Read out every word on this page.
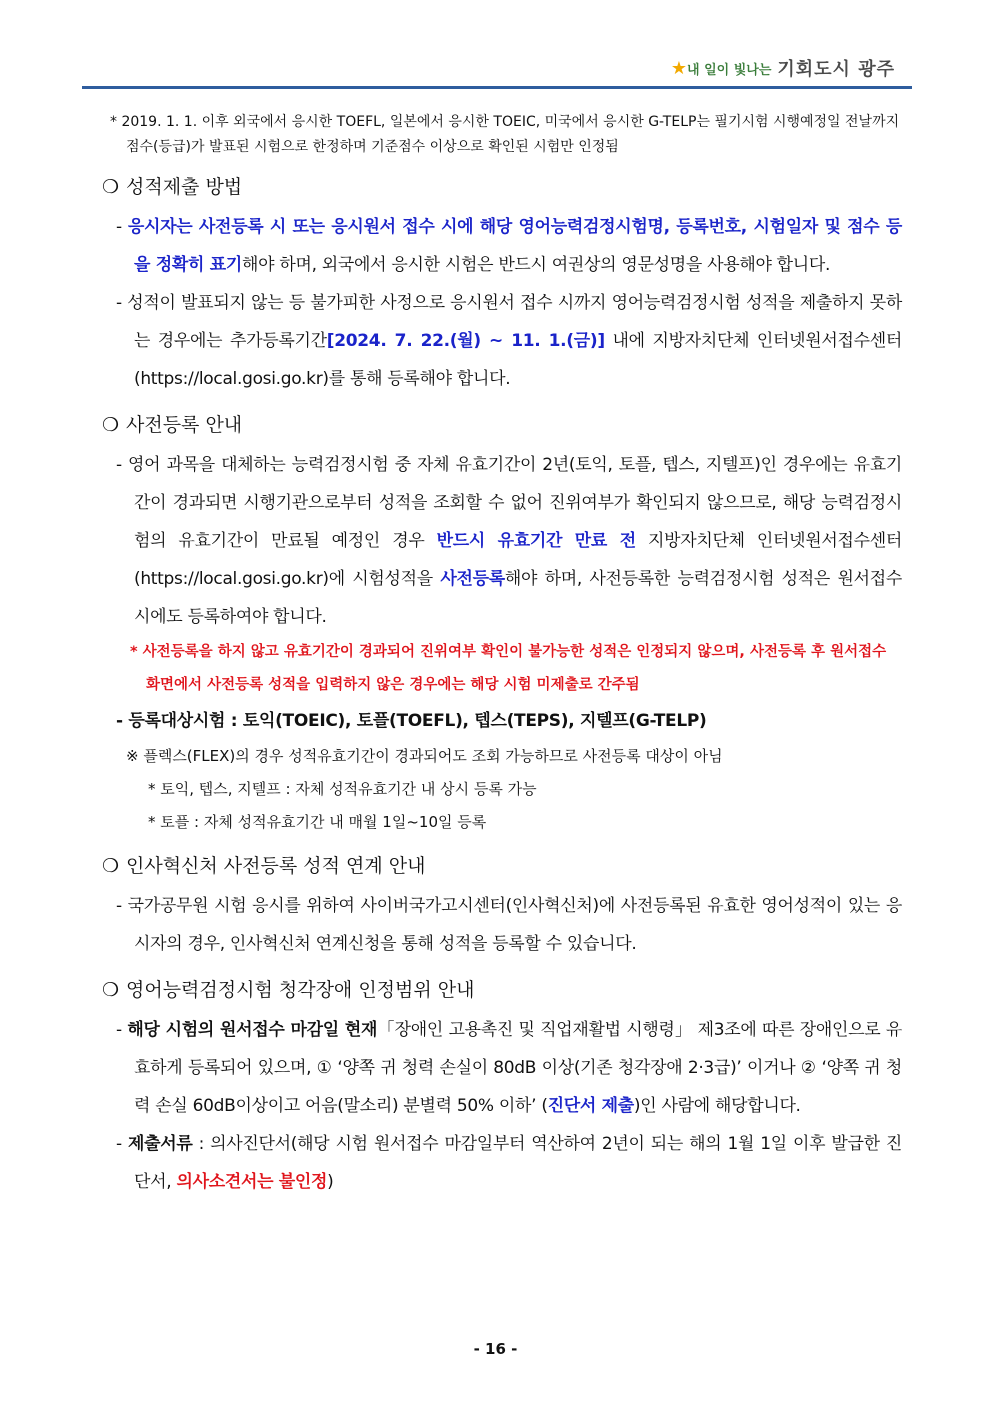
★내 일이 빛나는 기회도시 광주

* 2019. 1. 1. 이후 외국에서 응시한 TOEFL, 일본에서 응시한 TOEIC, 미국에서 응시한 G-TELP는 필기시험 시행예정일 전날까지 점수(등급)가 발표된 시험으로 한정하며 기준점수 이상으로 확인된 시험만 인정됨

❍ 성적제출 방법

- 응시자는 사전등록 시 또는 응시원서 접수 시에 해당 영어능력검정시험명, 등록번호, 시험일자 및 점수 등을 정확히 표기해야 하며, 외국에서 응시한 시험은 반드시 여권상의 영문성명을 사용해야 합니다.

- 성적이 발표되지 않는 등 불가피한 사정으로 응시원서 접수 시까지 영어능력검정시험 성적을 제출하지 못하는 경우에는 추가등록기간[2024. 7. 22.(월) ~ 11. 1.(금)] 내에 지방자치단체 인터넷원서접수센터(https://local.gosi.go.kr)를 통해 등록해야 합니다.

❍ 사전등록 안내

- 영어 과목을 대체하는 능력검정시험 중 자체 유효기간이 2년(토익, 토플, 텝스, 지텔프)인 경우에는 유효기간이 경과되면 시행기관으로부터 성적을 조회할 수 없어 진위여부가 확인되지 않으므로, 해당 능력검정시험의 유효기간이 만료될 예정인 경우 반드시 유효기간 만료 전 지방자치단체 인터넷원서접수센터(https://local.gosi.go.kr)에 시험성적을 사전등록해야 하며, 사전등록한 능력검정시험 성적은 원서접수 시에도 등록하여야 합니다.

* 사전등록을 하지 않고 유효기간이 경과되어 진위여부 확인이 불가능한 성적은 인정되지 않으며, 사전등록 후 원서접수 화면에서 사전등록 성적을 입력하지 않은 경우에는 해당 시험 미제출로 간주됨

- 등록대상시험 : 토익(TOEIC), 토플(TOEFL), 텝스(TEPS), 지텔프(G-TELP)

※ 플렉스(FLEX)의 경우 성적유효기간이 경과되어도 조회 가능하므로 사전등록 대상이 아님

* 토익, 텝스, 지텔프 : 자체 성적유효기간 내 상시 등록 가능

* 토플 : 자체 성적유효기간 내 매월 1일~10일 등록

❍ 인사혁신처 사전등록 성적 연계 안내

- 국가공무원 시험 응시를 위하여 사이버국가고시센터(인사혁신처)에 사전등록된 유효한 영어성적이 있는 응시자의 경우, 인사혁신처 연계신청을 통해 성적을 등록할 수 있습니다.

❍ 영어능력검정시험 청각장애 인정범위 안내

- 해당 시험의 원서접수 마감일 현재「장애인 고용촉진 및 직업재활법 시행령」 제3조에 따른 장애인으로 유효하게 등록되어 있으며, ① ‘양쪽 귀 청력 손실이 80dB 이상(기존 청각장애 2·3급)’ 이거나 ② ‘양쪽 귀 청력 손실 60dB이상이고 어음(말소리) 분별력 50% 이하’ (진단서 제출)인 사람에 해당합니다.

- 제출서류 : 의사진단서(해당 시험 원서접수 마감일부터 역산하여 2년이 되는 해의 1월 1일 이후 발급한 진단서, 의사소견서는 불인정)

- 16 -
